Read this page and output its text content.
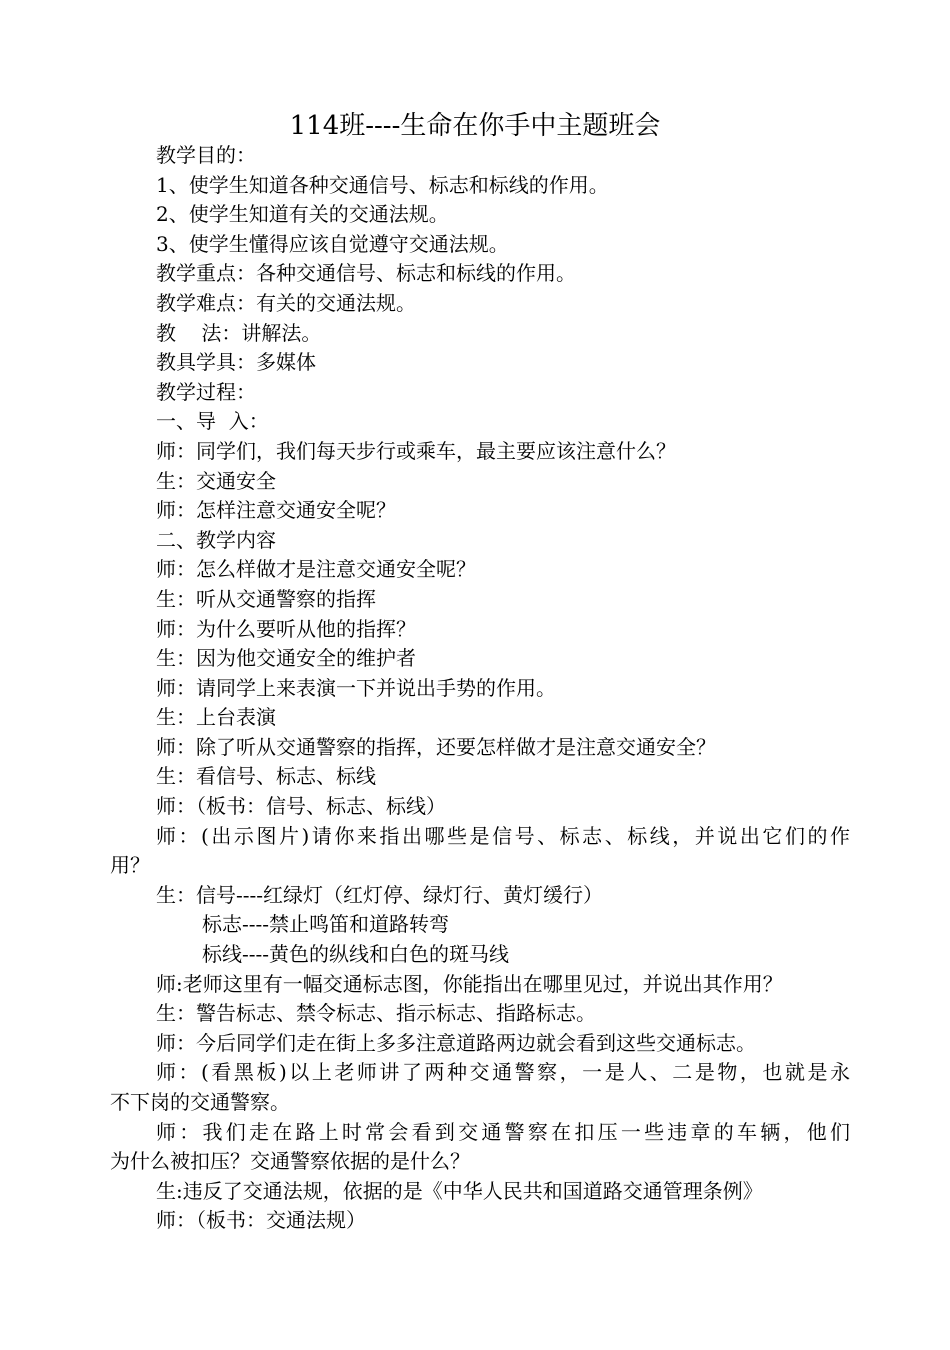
114班----生命在你手中主题班会
教学目的：
1、使学生知道各种交通信号、标志和标线的作用。
2、使学生知道有关的交通法规。
3、使学生懂得应该自觉遵守交通法规。
教学重点：各种交通信号、标志和标线的作用。
教学难点：有关的交通法规。
教    法：讲解法。
教具学具：多媒体
教学过程：
一、导  入：
师：同学们，我们每天步行或乘车，最主要应该注意什么？
生：交通安全
师：怎样注意交通安全呢？
二、教学内容
师：怎么样做才是注意交通安全呢？
生：听从交通警察的指挥
师：为什么要听从他的指挥？
生：因为他交通安全的维护者
师：请同学上来表演一下并说出手势的作用。
生：上台表演
师：除了听从交通警察的指挥，还要怎样做才是注意交通安全？
生：看信号、标志、标线
师：（板书：信号、标志、标线）
师：(出示图片)请你来指出哪些是信号、标志、标线，并说出它们的作
用？
生：信号----红绿灯（红灯停、绿灯行、黄灯缓行）
标志----禁止鸣笛和道路转弯
标线----黄色的纵线和白色的斑马线
师:老师这里有一幅交通标志图，你能指出在哪里见过，并说出其作用？
生：警告标志、禁令标志、指示标志、指路标志。
师：今后同学们走在街上多多注意道路两边就会看到这些交通标志。
师：(看黑板)以上老师讲了两种交通警察，一是人、二是物，也就是永
不下岗的交通警察。
师：我们走在路上时常会看到交通警察在扣压一些违章的车辆，他们
为什么被扣压？交通警察依据的是什么？
生:违反了交通法规，依据的是《中华人民共和国道路交通管理条例》
师：（板书：交通法规）
